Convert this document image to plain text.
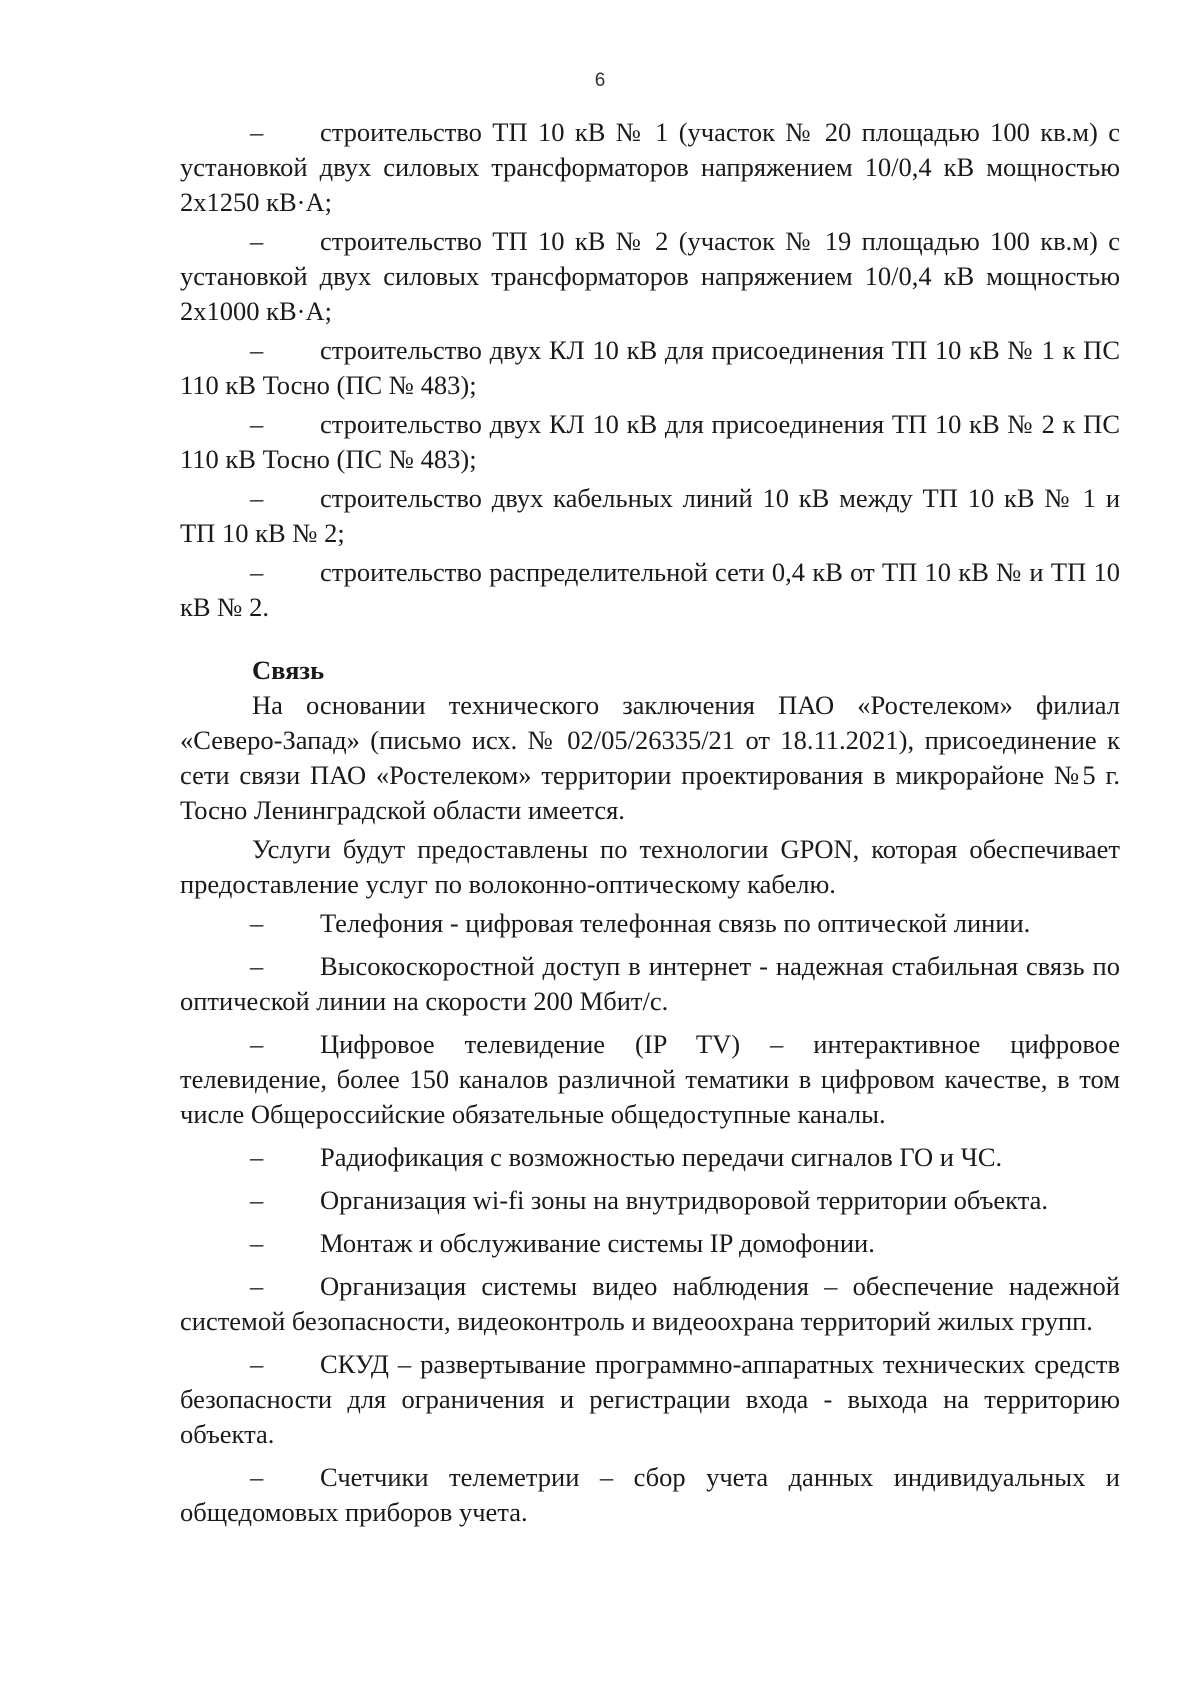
6

– строительство ТП 10 кВ № 1 (участок № 20 площадью 100 кв.м) с установкой двух силовых трансформаторов напряжением 10/0,4 кВ мощностью 2х1250 кВ·А;

– строительство ТП 10 кВ № 2 (участок № 19 площадью 100 кв.м) с установкой двух силовых трансформаторов напряжением 10/0,4 кВ мощностью 2х1000 кВ·А;

– строительство двух КЛ 10 кВ для присоединения ТП 10 кВ № 1 к ПС 110 кВ Тосно (ПС № 483);

– строительство двух КЛ 10 кВ для присоединения ТП 10 кВ № 2 к ПС 110 кВ Тосно (ПС № 483);

– строительство двух кабельных линий 10 кВ между ТП 10 кВ № 1 и ТП 10 кВ № 2;

– строительство распределительной сети 0,4 кВ от ТП 10 кВ № и ТП 10 кВ № 2.

Связь

На основании технического заключения ПАО «Ростелеком» филиал «Северо-Запад» (письмо исх. № 02/05/26335/21 от 18.11.2021), присоединение к сети связи ПАО «Ростелеком» территории проектирования в микрорайоне №5 г. Тосно Ленинградской области имеется.

Услуги будут предоставлены по технологии GPON, которая обеспечивает предоставление услуг по волоконно-оптическому кабелю.

– Телефония - цифровая телефонная связь по оптической линии.

– Высокоскоростной доступ в интернет - надежная стабильная связь по оптической линии на скорости 200 Мбит/с.

– Цифровое телевидение (IP TV) – интерактивное цифровое телевидение, более 150 каналов различной тематики в цифровом качестве, в том числе Общероссийские обязательные общедоступные каналы.

– Радиофикация с возможностью передачи сигналов ГО и ЧС.

– Организация wi-fi зоны на внутридворовой территории объекта.

– Монтаж и обслуживание системы IP домофонии.

– Организация системы видео наблюдения – обеспечение надежной системой безопасности, видеоконтроль и видеоохрана территорий жилых групп.

– СКУД – развертывание программно-аппаратных технических средств безопасности для ограничения и регистрации входа - выхода на территорию объекта.

– Счетчики телеметрии – сбор учета данных индивидуальных и общедомовых приборов учета.
